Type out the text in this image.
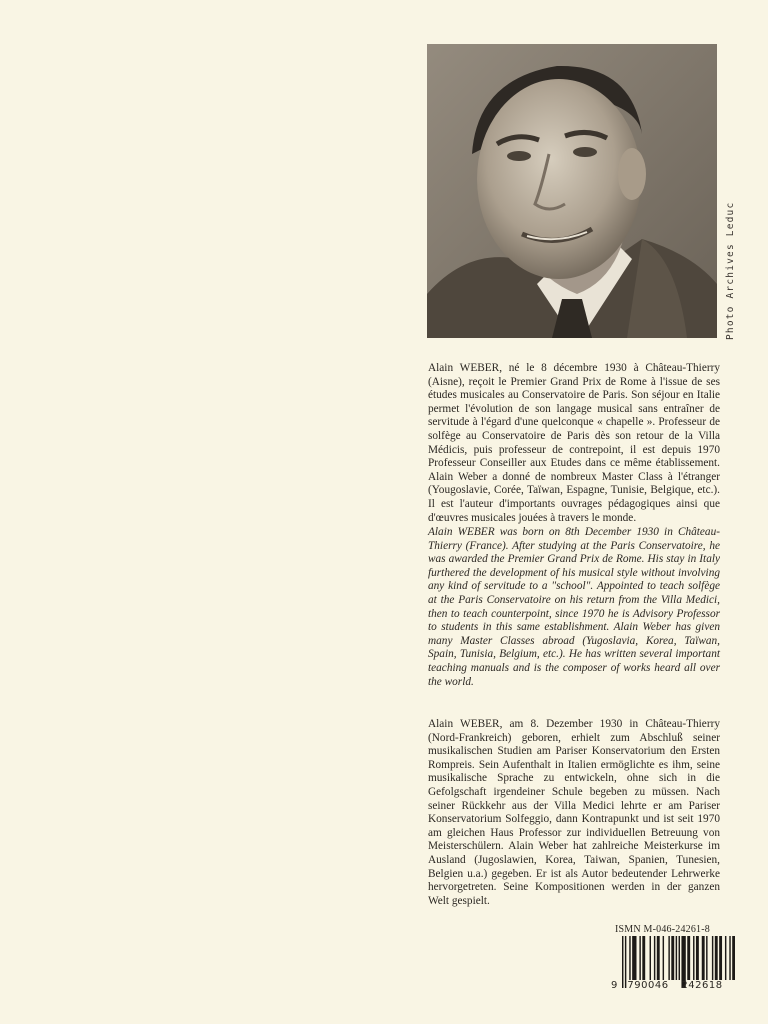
Photo Archives Leduc

Alain WEBER, né le 8 décembre 1930 à Château-Thierry (Aisne), reçoit le Premier Grand Prix de Rome à l'issue de ses études musicales au Conservatoire de Paris. Son séjour en Italie permet l'évolution de son langage musical sans entraîner de servitude à l'égard d'une quelconque « chapelle ». Professeur de solfège au Conservatoire de Paris dès son retour de la Villa Médicis, puis professeur de contrepoint, il est depuis 1970 Professeur Conseiller aux Etudes dans ce même établissement. Alain Weber a donné de nombreux Master Class à l'étranger (Yougoslavie, Corée, Taïwan, Espagne, Tunisie, Belgique, etc.). Il est l'auteur d'importants ouvrages pédagogiques ainsi que d'œuvres musicales jouées à travers le monde.

Alain WEBER was born on 8th December 1930 in Château-Thierry (France). After studying at the Paris Conservatoire, he was awarded the Premier Grand Prix de Rome. His stay in Italy furthered the development of his musical style without involving any kind of servitude to a "school". Appointed to teach solfège at the Paris Conservatoire on his return from the Villa Medici, then to teach counterpoint, since 1970 he is Advisory Professor to students in this same establishment. Alain Weber has given many Master Classes abroad (Yugoslavia, Korea, Taïwan, Spain, Tunisia, Belgium, etc.). He has written several important teaching manuals and is the composer of works heard all over the world.

Alain WEBER, am 8. Dezember 1930 in Château-Thierry (Nord-Frankreich) geboren, erhielt zum Abschluß seiner musikalischen Studien am Pariser Konservatorium den Ersten Rompreis. Sein Aufenthalt in Italien ermöglichte es ihm, seine musikalische Sprache zu entwickeln, ohne sich in die Gefolgschaft irgendeiner Schule begeben zu müssen. Nach seiner Rückkehr aus der Villa Medici lehrte er am Pariser Konservatorium Solfeggio, dann Kontrapunkt und ist seit 1970 am gleichen Haus Professor zur individuellen Betreuung von Meisterschülern. Alain Weber hat zahlreiche Meisterkurse im Ausland (Jugoslawien, Korea, Taiwan, Spanien, Tunesien, Belgien u.a.) gegeben. Er ist als Autor bedeutender Lehrwerke hervorgetreten. Seine Kompositionen werden in der ganzen Welt gespielt.

ISMN M-046-24261-8
9	790046	242618
